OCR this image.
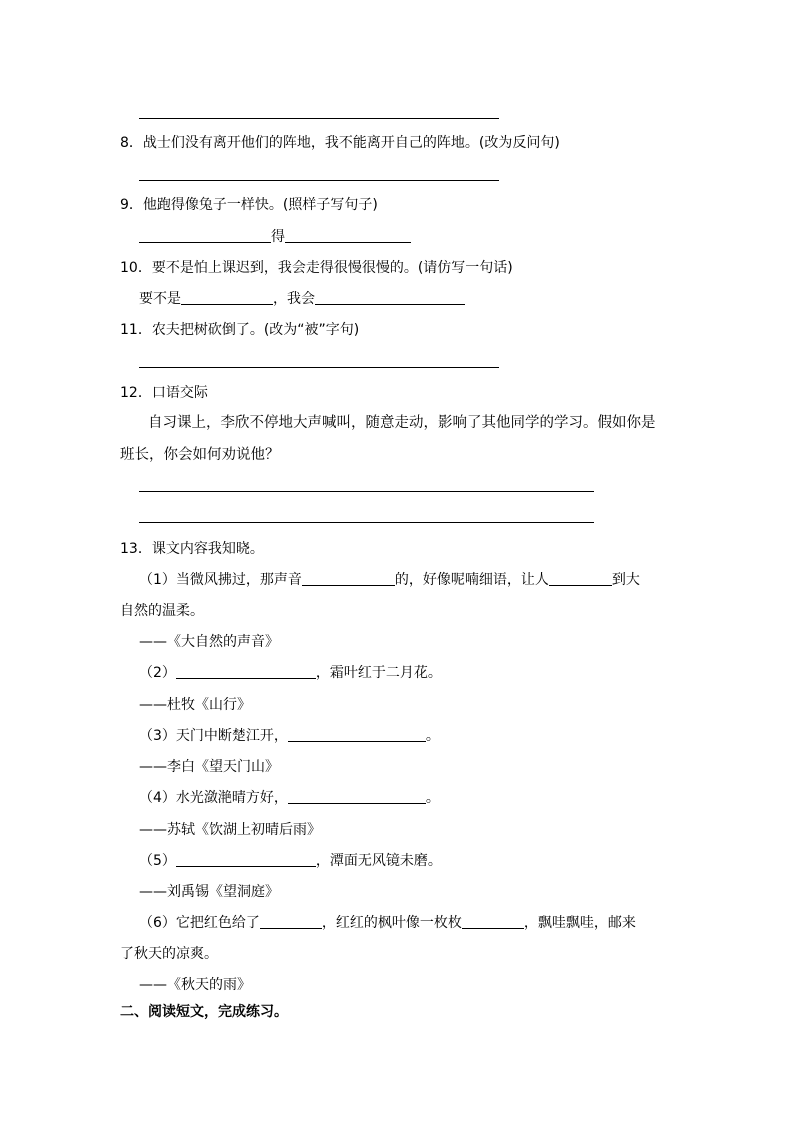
8．战士们没有离开他们的阵地，我不能离开自己的阵地。(改为反问句)
9．他跑得像兔子一样快。(照样子写句子)
得
10．要不是怕上课迟到，我会走得很慢很慢的。(请仿写一句话)
要不是	，我会
11．农夫把树砍倒了。(改为“被”字句)
12．口语交际
自习课上，李欣不停地大声喊叫，随意走动，影响了其他同学的学习。假如你是
班长，你会如何劝说他？
13．课文内容我知晓。
（1）当微风拂过，那声音	的，好像呢喃细语，让人	到大
自然的温柔。
——《大自然的声音》
（2）	，霜叶红于二月花。
——杜牧《山行》
（3）天门中断楚江开，	。
——李白《望天门山》
（4）水光潋滟晴方好，	。
——苏轼《饮湖上初晴后雨》
（5）	，潭面无风镜未磨。
——刘禹锡《望洞庭》
（6）它把红色给了	，红红的枫叶像一枚枚	，飘哇飘哇，邮来
了秋天的凉爽。
——《秋天的雨》
二、阅读短文，完成练习。
